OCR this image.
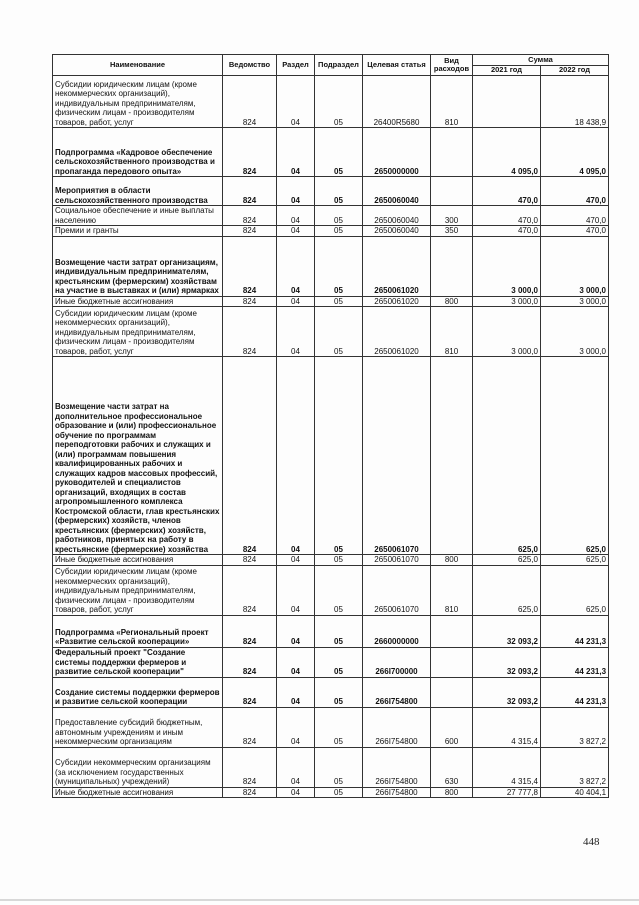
Наименование	Ведомство	Раздел	Подраздел	Целевая статья	Вид расходов	Сумма	
						2021 год	2022 год
Субсидии юридическим лицам (кроме некоммерческих организаций), индивидуальным предпринимателям, физическим лицам - производителям товаров, работ, услуг	824	04	05	26400R5680	810		18 438,9
Подпрограмма «Кадровое обеспечение сельскохозяйственного производства и пропаганда передового опыта»	824	04	05	2650000000		4 095,0	4 095,0
Мероприятия в области сельскохозяйственного производства	824	04	05	2650060040		470,0	470,0
Социальное обеспечение и иные выплаты населению	824	04	05	2650060040	300	470,0	470,0
Премии и гранты	824	04	05	2650060040	350	470,0	470,0
Возмещение части затрат организациям, индивидуальным предпринимателям, крестьянским (фермерским) хозяйствам на участие в выставках и (или) ярмарках	824	04	05	2650061020		3 000,0	3 000,0
Иные бюджетные ассигнования	824	04	05	2650061020	800	3 000,0	3 000,0
Субсидии юридическим лицам (кроме некоммерческих организаций), индивидуальным предпринимателям, физическим лицам - производителям товаров, работ, услуг	824	04	05	2650061020	810	3 000,0	3 000,0
Возмещение части затрат на дополнительное профессиональное образование и (или) профессиональное обучение по программам переподготовки рабочих и служащих и (или) программам повышения квалифицированных рабочих и служащих кадров массовых профессий, руководителей и специалистов организаций, входящих в состав агропромышленного комплекса Костромской области, глав крестьянских (фермерских) хозяйств, членов крестьянских (фермерских) хозяйств, работников, принятых на работу в крестьянские (фермерские) хозяйства	824	04	05	2650061070		625,0	625,0
Иные бюджетные ассигнования	824	04	05	2650061070	800	625,0	625,0
Субсидии юридическим лицам (кроме некоммерческих организаций), индивидуальным предпринимателям, физическим лицам - производителям товаров, работ, услуг	824	04	05	2650061070	810	625,0	625,0
Подпрограмма «Региональный проект «Развитие сельской кооперации»	824	04	05	2660000000		32 093,2	44 231,3
Федеральный проект "Создание системы поддержки фермеров и развитие сельской кооперации"	824	04	05	266I700000		32 093,2	44 231,3
Создание системы поддержки фермеров и развитие сельской кооперации	824	04	05	266I754800		32 093,2	44 231,3
Предоставление субсидий бюджетным, автономным учреждениям и иным некоммерческим организациям	824	04	05	266I754800	600	4 315,4	3 827,2
Субсидии некоммерческим организациям (за исключением государственных (муниципальных) учреждений)	824	04	05	266I754800	630	4 315,4	3 827,2
Иные бюджетные ассигнования	824	04	05	266I754800	800	27 777,8	40 404,1
448
